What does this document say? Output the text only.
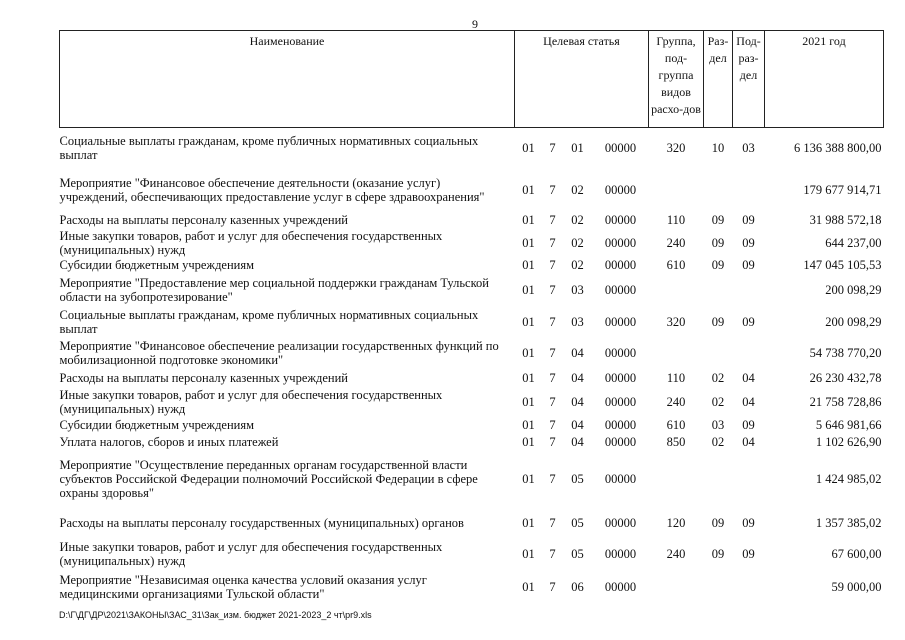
9
Наименование	Целевая статья				Группа, под-группа видов расхо-дов	Раз-дел	Под-раз-дел	2021 год
Социальные выплаты гражданам, кроме публичных нормативных социальных выплат	01	7	01	00000	320	10	03	6 136 388 800,00
Мероприятие "Финансовое обеспечение деятельности (оказание услуг) учреждений, обеспечивающих предоставление услуг в сфере здравоохранения"	01	7	02	00000				179 677 914,71
Расходы на выплаты персоналу казенных учреждений	01	7	02	00000	110	09	09	31 988 572,18
Иные закупки товаров, работ и услуг для обеспечения государственных (муниципальных) нужд	01	7	02	00000	240	09	09	644 237,00
Субсидии бюджетным учреждениям	01	7	02	00000	610	09	09	147 045 105,53
Мероприятие "Предоставление мер социальной поддержки гражданам Тульской области на зубопротезирование"	01	7	03	00000				200 098,29
Социальные выплаты гражданам, кроме публичных нормативных социальных выплат	01	7	03	00000	320	09	09	200 098,29
Мероприятие "Финансовое обеспечение реализации государственных функций по мобилизационной подготовке экономики"	01	7	04	00000				54 738 770,20
Расходы на выплаты персоналу казенных учреждений	01	7	04	00000	110	02	04	26 230 432,78
Иные закупки товаров, работ и услуг для обеспечения государственных (муниципальных) нужд	01	7	04	00000	240	02	04	21 758 728,86
Субсидии бюджетным учреждениям	01	7	04	00000	610	03	09	5 646 981,66
Уплата налогов, сборов и иных платежей	01	7	04	00000	850	02	04	1 102 626,90
Мероприятие "Осуществление переданных органам государственной власти субъектов Российской Федерации полномочий Российской Федерации в сфере охраны здоровья"	01	7	05	00000				1 424 985,02
Расходы на выплаты персоналу государственных (муниципальных) органов	01	7	05	00000	120	09	09	1 357 385,02
Иные закупки товаров, работ и услуг для обеспечения государственных (муниципальных) нужд	01	7	05	00000	240	09	09	67 600,00
Мероприятие "Независимая оценка качества условий оказания услуг медицинскими организациями Тульской области"	01	7	06	00000				59 000,00
D:\Г\ДГ\ДР\2021\ЗАКОНЫ\ЗАС_31\Зак_изм. бюджет 2021-2023_2 чт\pr9.xls
